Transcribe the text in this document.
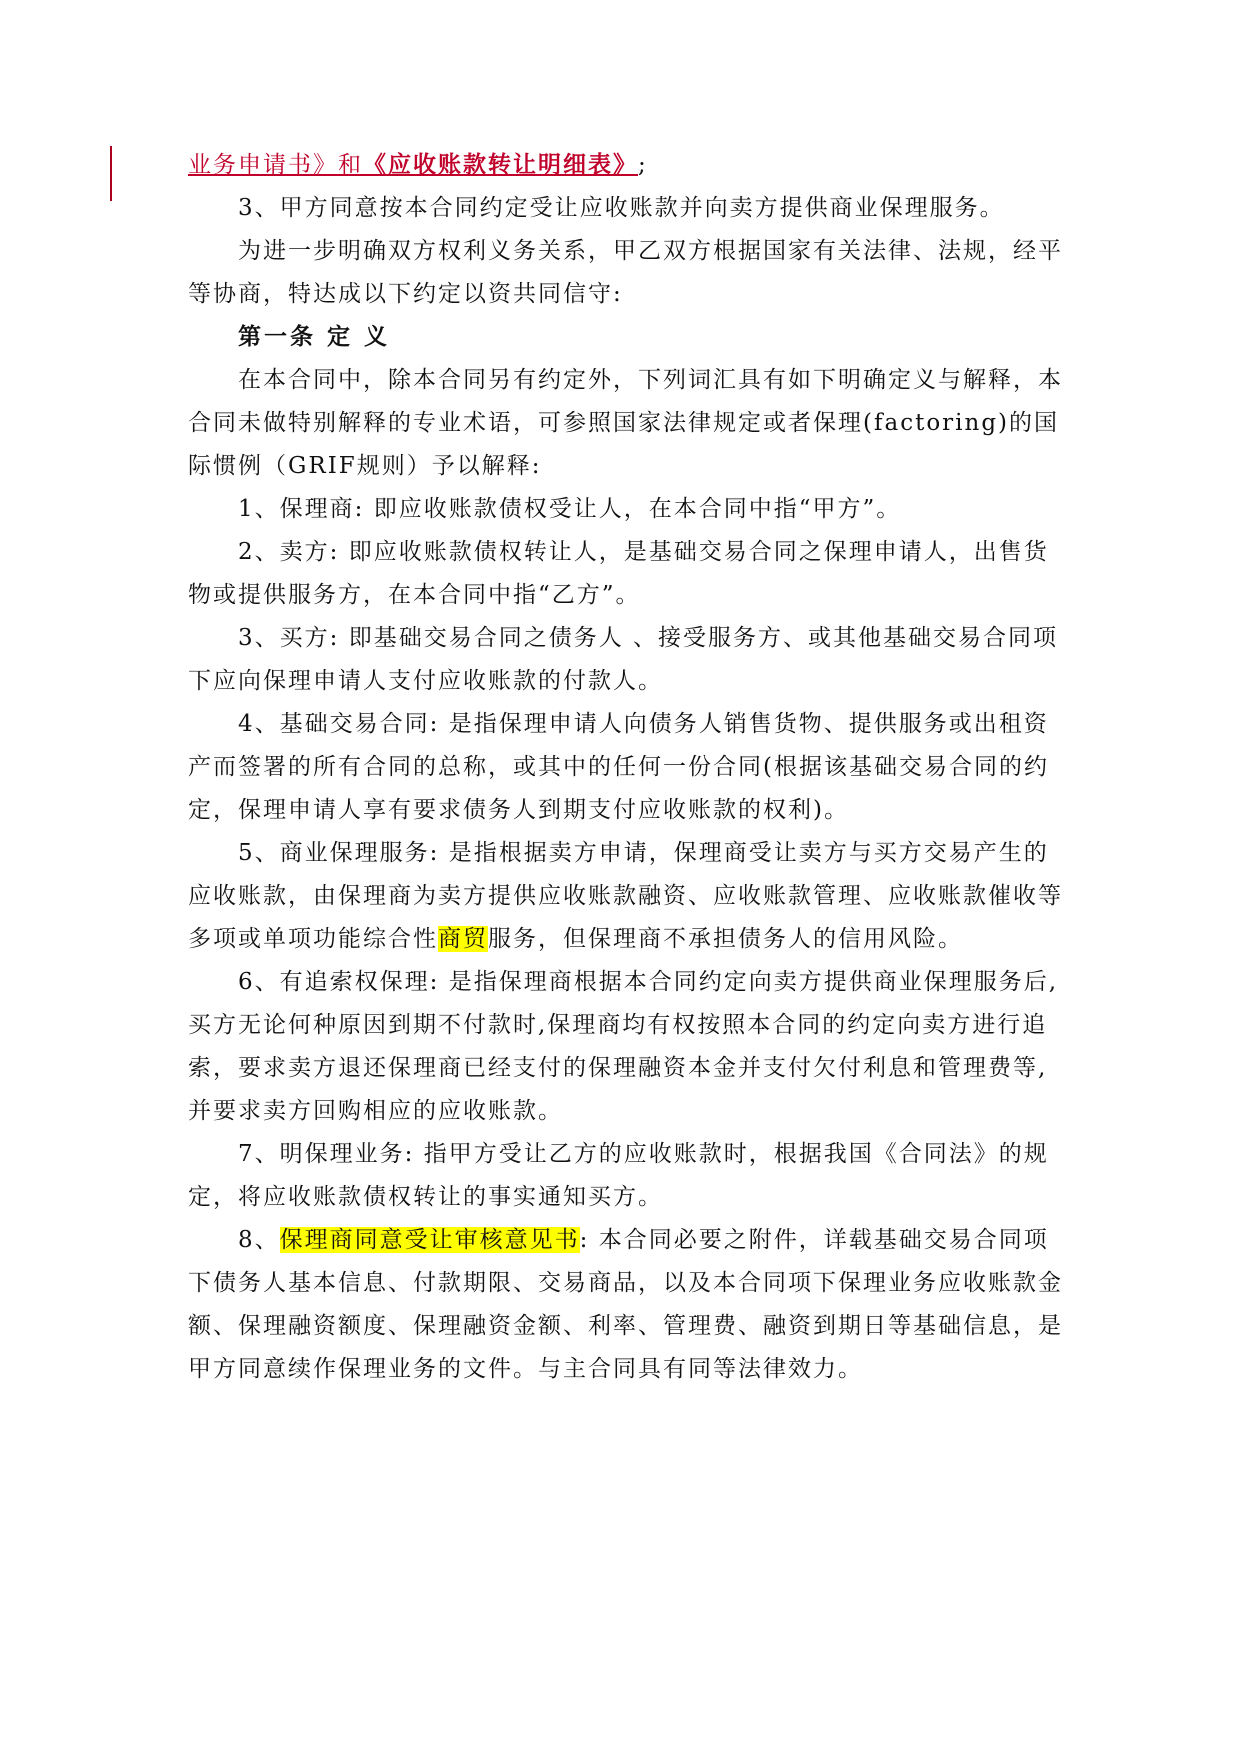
业务申请书》和《应收账款转让明细表》;
3、甲方同意按本合同约定受让应收账款并向卖方提供商业保理服务。
为进一步明确双方权利义务关系，甲乙双方根据国家有关法律、法规，经平
等协商，特达成以下约定以资共同信守:
第一条 定 义
在本合同中，除本合同另有约定外，下列词汇具有如下明确定义与解释，本
合同未做特别解释的专业术语，可参照国家法律规定或者保理(factoring)的国
际惯例（GRIF规则）予以解释:
1、保理商: 即应收账款债权受让人，在本合同中指“甲方”。
2、卖方: 即应收账款债权转让人，是基础交易合同之保理申请人，出售货
物或提供服务方，在本合同中指“乙方”。
3、买方: 即基础交易合同之债务人 、接受服务方、或其他基础交易合同项
下应向保理申请人支付应收账款的付款人。
4、基础交易合同: 是指保理申请人向债务人销售货物、提供服务或出租资
产而签署的所有合同的总称，或其中的任何一份合同(根据该基础交易合同的约
定，保理申请人享有要求债务人到期支付应收账款的权利)。
5、商业保理服务: 是指根据卖方申请，保理商受让卖方与买方交易产生的
应收账款，由保理商为卖方提供应收账款融资、应收账款管理、应收账款催收等
多项或单项功能综合性商贸服务，但保理商不承担债务人的信用风险。
6、有追索权保理: 是指保理商根据本合同约定向卖方提供商业保理服务后,
买方无论何种原因到期不付款时,保理商均有权按照本合同的约定向卖方进行追
索，要求卖方退还保理商已经支付的保理融资本金并支付欠付利息和管理费等,
并要求卖方回购相应的应收账款。
7、明保理业务: 指甲方受让乙方的应收账款时，根据我国《合同法》的规
定，将应收账款债权转让的事实通知买方。
8、保理商同意受让审核意见书: 本合同必要之附件，详载基础交易合同项
下债务人基本信息、付款期限、交易商品，以及本合同项下保理业务应收账款金
额、保理融资额度、保理融资金额、利率、管理费、融资到期日等基础信息，是
甲方同意续作保理业务的文件。与主合同具有同等法律效力。
